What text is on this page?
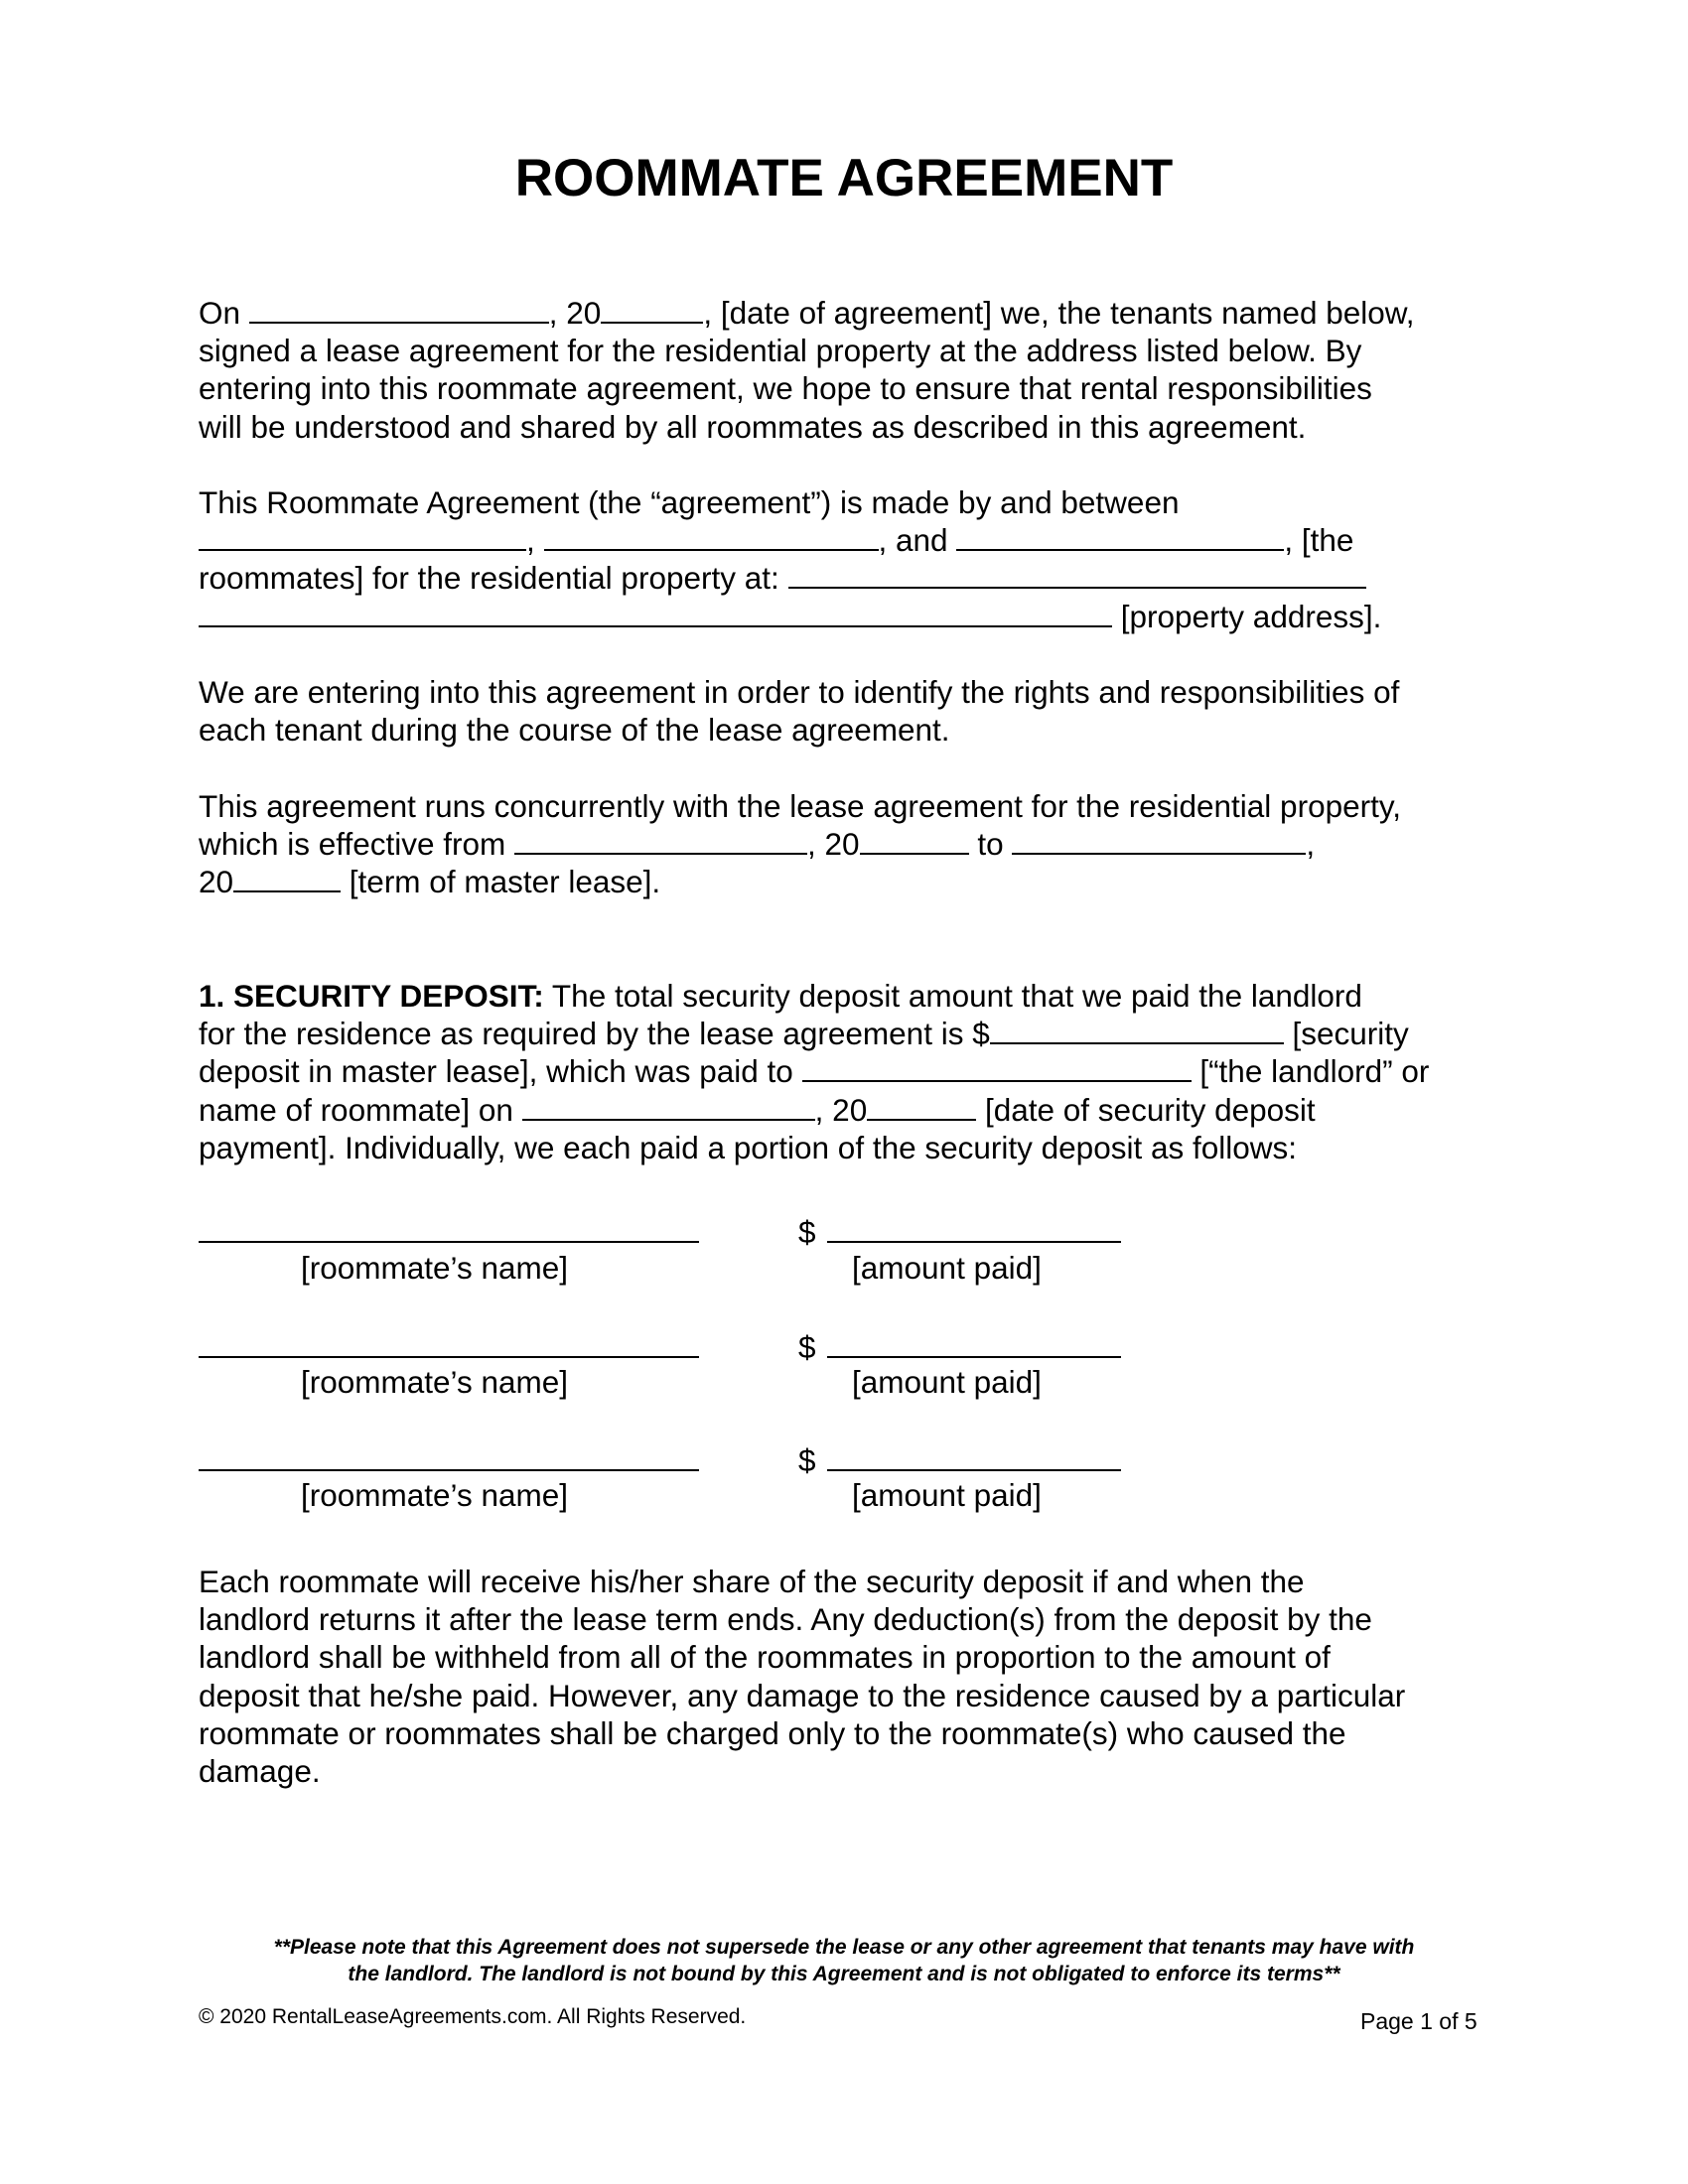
ROOMMATE AGREEMENT
On	, 20	, [date of agreement] we, the tenants named below,
signed a lease agreement for the residential property at the address listed below. By
entering into this roommate agreement, we hope to ensure that rental responsibilities
will be understood and shared by all roommates as described in this agreement.
This Roommate Agreement (the “agreement”) is made by and between
,	, and	, [the
roommates] for the residential property at:
[property address].
We are entering into this agreement in order to identify the rights and responsibilities of
each tenant during the course of the lease agreement.
This agreement runs concurrently with the lease agreement for the residential property,
which is effective from	, 20	to	,
20	[term of master lease].
1. SECURITY DEPOSIT: The total security deposit amount that we paid the landlord
for the residence as required by the lease agreement is $	[security
deposit in master lease], which was paid to	[“the landlord” or
name of roommate] on	, 20	[date of security deposit
payment]. Individually, we each paid a portion of the security deposit as follows:
[roommate’s name]
$
[amount paid]
[roommate’s name]
$
[amount paid]
[roommate’s name]
$
[amount paid]
Each roommate will receive his/her share of the security deposit if and when the
landlord returns it after the lease term ends. Any deduction(s) from the deposit by the
landlord shall be withheld from all of the roommates in proportion to the amount of
deposit that he/she paid. However, any damage to the residence caused by a particular
roommate or roommates shall be charged only to the roommate(s) who caused the
damage.
**Please note that this Agreement does not supersede the lease or any other agreement that tenants may have with
the landlord. The landlord is not bound by this Agreement and is not obligated to enforce its terms**
© 2020 RentalLeaseAgreements.com. All Rights Reserved.	Page 1 of 5
